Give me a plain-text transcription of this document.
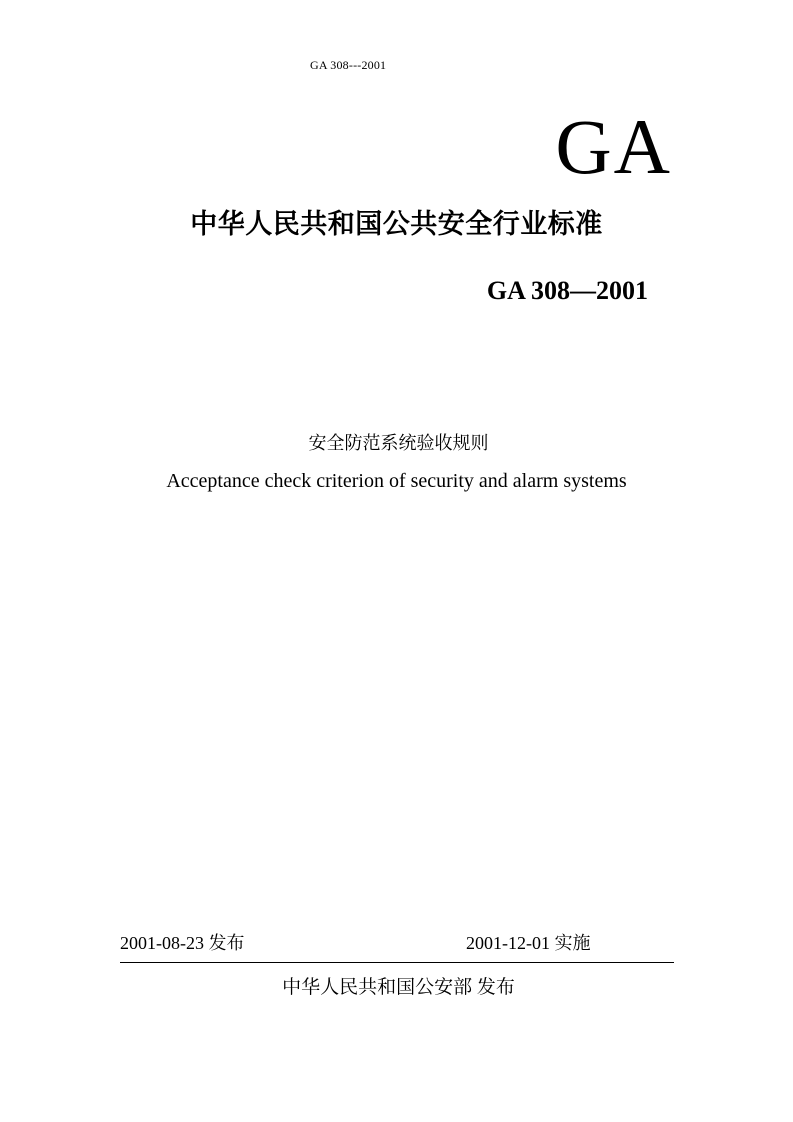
GA 308---2001
GA
中华人民共和国公共安全行业标准
GA 308—2001
安全防范系统验收规则
Acceptance check criterion of security and alarm systems
2001-08-23 发布	2001-12-01 实施
中华人民共和国公安部 发布
